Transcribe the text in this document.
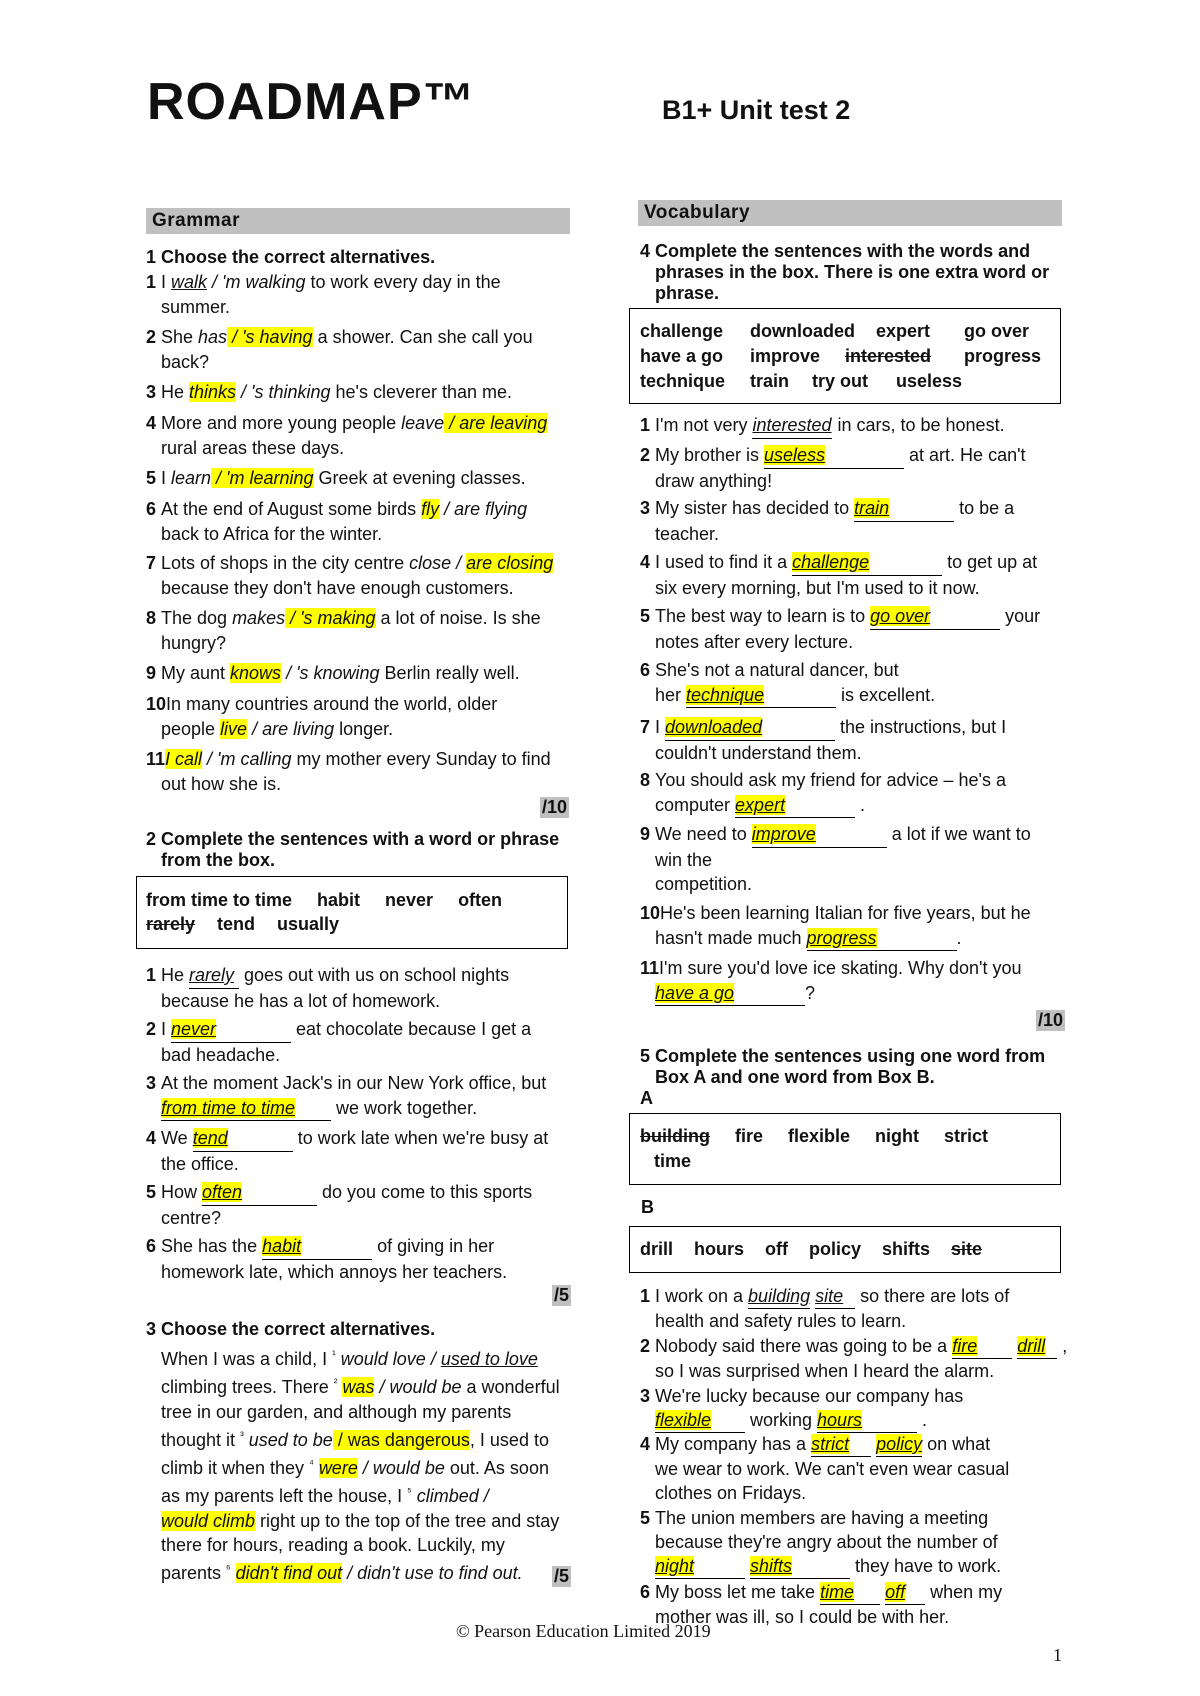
ROADMAP™	B1+ Unit test 2
Grammar
1 Choose the correct alternatives.
1I walk / 'm walking to work every day in the
summer.
2She has / 's having a shower. Can she call you
back?
3He thinks / 's thinking he's cleverer than me.
4More and more young people leave / are leaving
rural areas these days.
5I learn / 'm learning Greek at evening classes.
6At the end of August some birds fly / are flying
back to Africa for the winter.
7Lots of shops in the city centre close / are closing
because they don't have enough customers.
8The dog makes / 's making a lot of noise. Is she
hungry?
9My aunt knows / 's knowing Berlin really well.
10In many countries around the world, older
people live / are living longer.
11I call / 'm calling my mother every Sunday to find
out how she is.
/10
2 Complete the sentences with a word or phrase
from the box.
from time to time habit never often
rarely tend usually
1He rarely goes out with us on school nights
because he has a lot of homework.
2I never	eat chocolate because I get a
bad headache.
3At the moment Jack's in our New York office, but
from time to time we work together.
4We tend	to work late when we're busy at
the office.
5How often	do you come to this sports
centre?
6She has the habit	of giving in her
homework late, which annoys her teachers.
/5
3 Choose the correct alternatives.
When I was a child, I $^{^1}$ would love / used to love
climbing trees. There $^{^2}$ was / would be a wonderful
tree in our garden, and although my parents
thought it $^{^3}$ used to be / was dangerous, I used to
climb it when they $^{^4}$ were / would be out. As soon
as my parents left the house, I $^{^5}$ climbed /
would climb right up to the top of the tree and stay
there for hours, reading a book. Luckily, my
parents $^{^6}$ didn't find out / didn't use to find out.	/5
Vocabulary
4 Complete the sentences with the words and
phrases in the box. There is one extra word or
phrase.
challenge downloaded expert go over
have a go improve interested progress
technique train try out useless
1I'm not very interested in cars, to be honest.
2My brother is useless	at art. He can't
draw anything!
3My sister has decided to train	to be a
teacher.
4I used to find it a challenge	to get up at
six every morning, but I'm used to it now.
5The best way to learn is to go over	your
notes after every lecture.
6She's not a natural dancer, but
her technique	is excellent.
7I downloaded	the instructions, but I
couldn't understand them.
8You should ask my friend for advice – he's a
computer expert	.
9We need to improve	a lot if we want to
win the
competition.
10He's been learning Italian for five years, but he
hasn't made much progress	.
11I'm sure you'd love ice skating. Why don't you
have a go	?
/10
5 Complete the sentences using one word from
Box A and one word from Box B.
A
building fire flexible night strict
time
B
drill hours off policy shifts site
1I work on a building site so there are lots of
health and safety rules to learn.
2Nobody said there was going to be a fire drill ,
so I was surprised when I heard the alarm.
3We're lucky because our company has
flexible working hours	.
4My company has a strict policy on what
we wear to work. We can't even wear casual
clothes on Fridays.
5The union members are having a meeting
because they're angry about the number of
night	shifts	they have to work.
6My boss let me take time off when my
mother was ill, so I could be with her.
© Pearson Education Limited 2019
1
